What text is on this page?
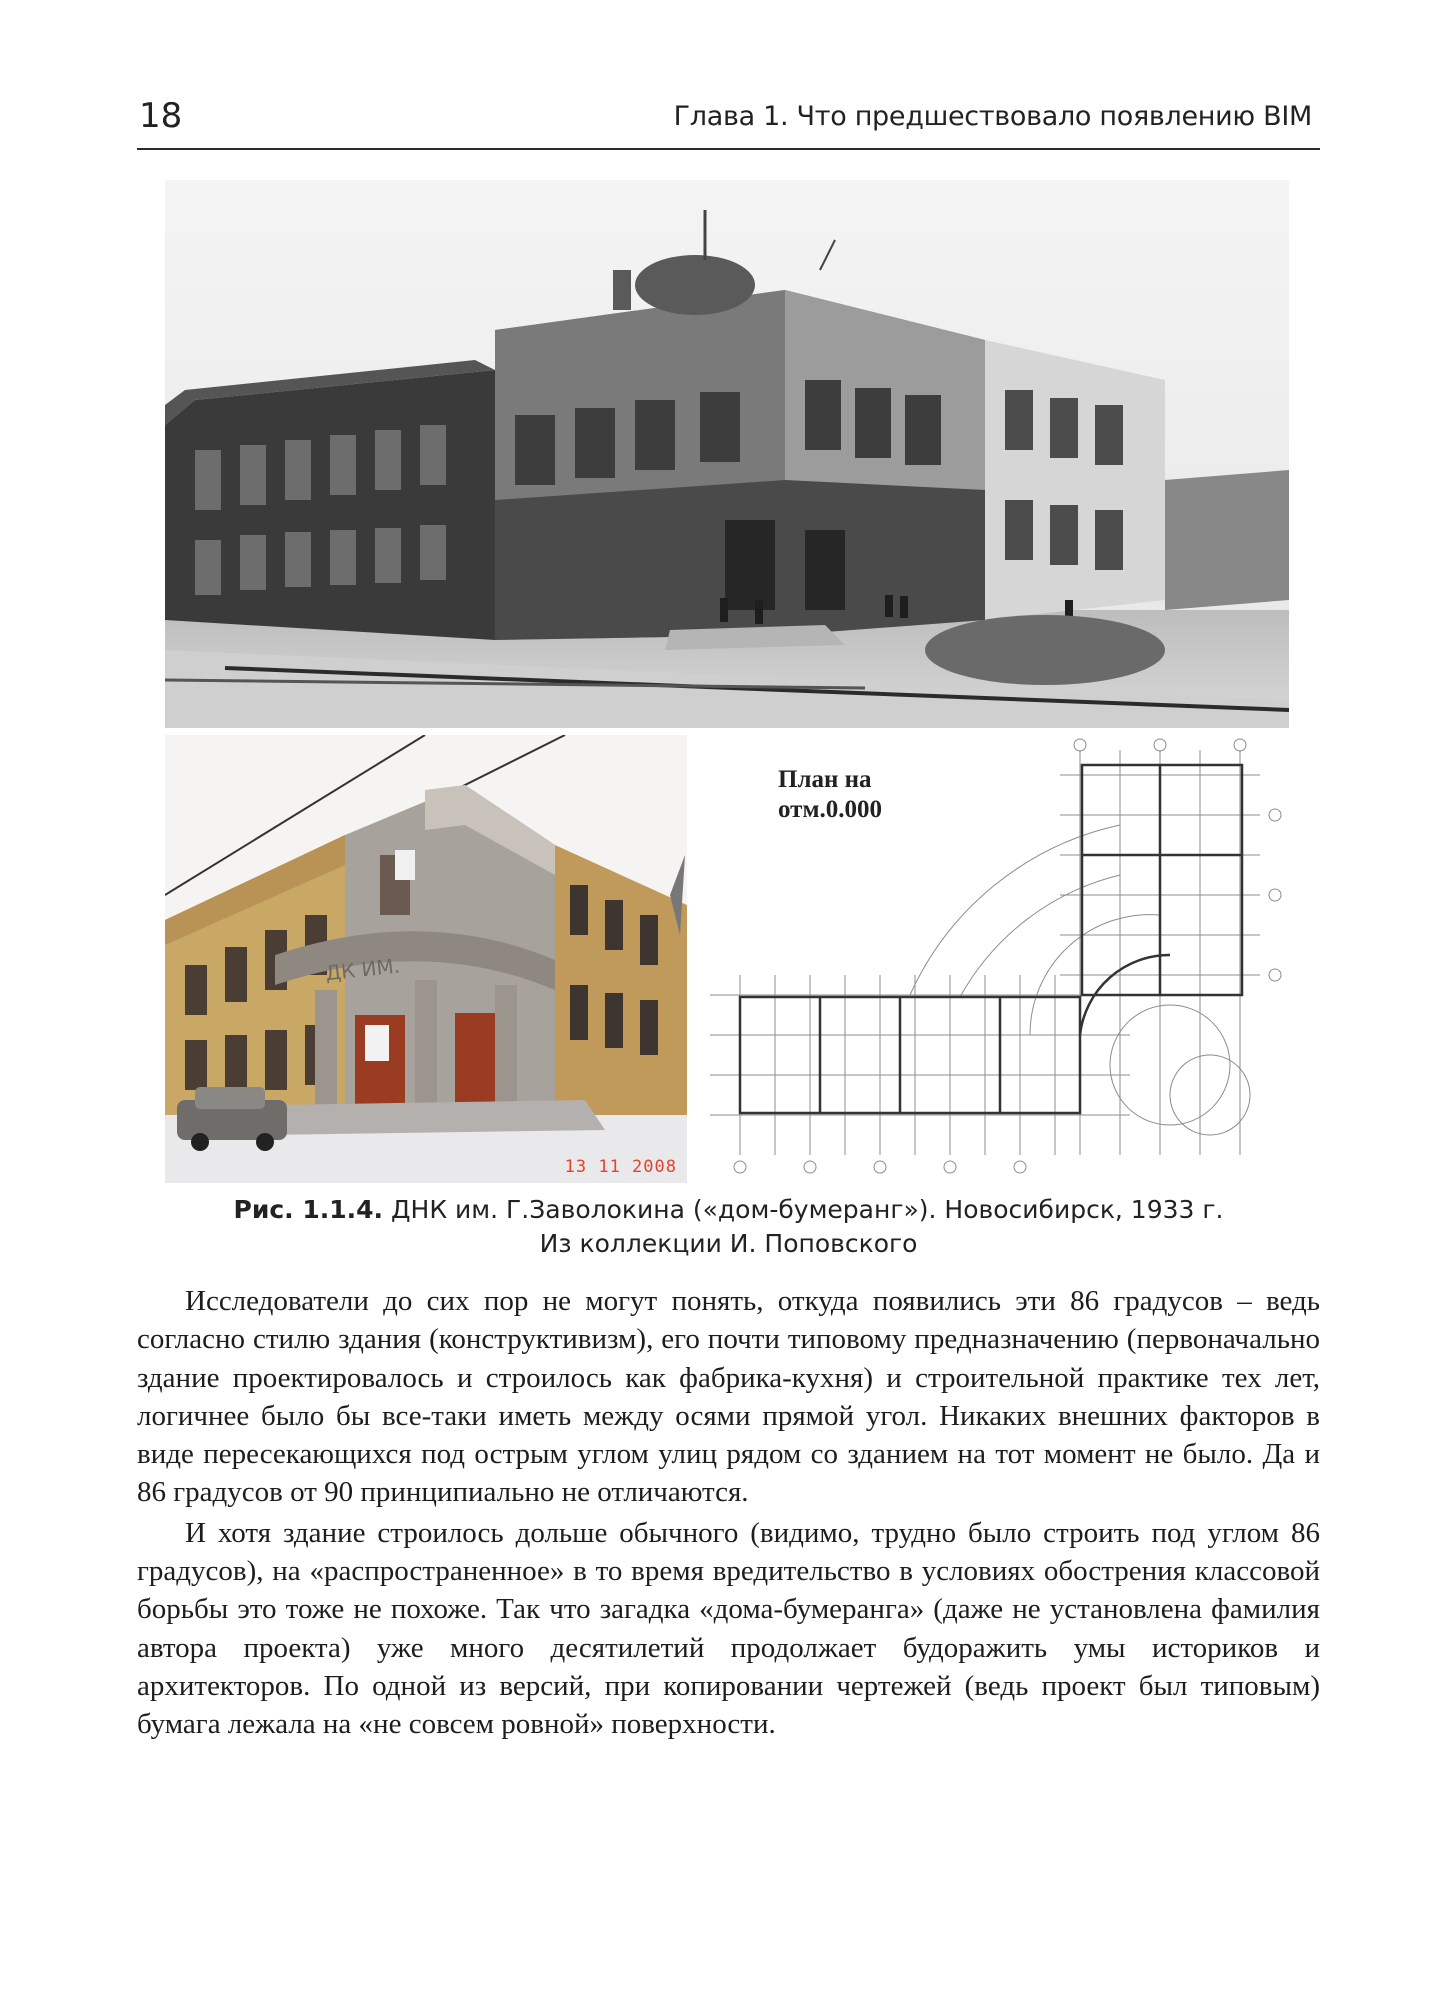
18	Глава 1. Что предшествовало появлению BIM
ДК ИМ.
13 11 2008
План на
отм.0.000
Рис. 1.1.4. ДНК им. Г.Заволокина («дом-бумеранг»). Новосибирск, 1933 г.
Из коллекции И. Поповского

Исследователи до сих пор не могут понять, откуда появились эти 86 градусов – ведь согласно стилю здания (конструктивизм), его почти типовому предназначению (первоначально здание проектировалось и строилось как фабрика-кухня) и строительной практике тех лет, логичнее было бы все-таки иметь между осями прямой угол. Никаких внешних факторов в виде пересекающихся под острым углом улиц рядом со зданием на тот момент не было. Да и 86 градусов от 90 принципиально не отличаются.

И хотя здание строилось дольше обычного (видимо, трудно было строить под углом 86 градусов), на «распространенное» в то время вредительство в условиях обострения классовой борьбы это тоже не похоже. Так что загадка «дома-бумеранга» (даже не установлена фамилия автора проекта) уже много десятилетий продолжает будоражить умы историков и архитекторов. По одной из версий, при копировании чертежей (ведь проект был типовым) бумага лежала на «не совсем ровной» поверхности.
